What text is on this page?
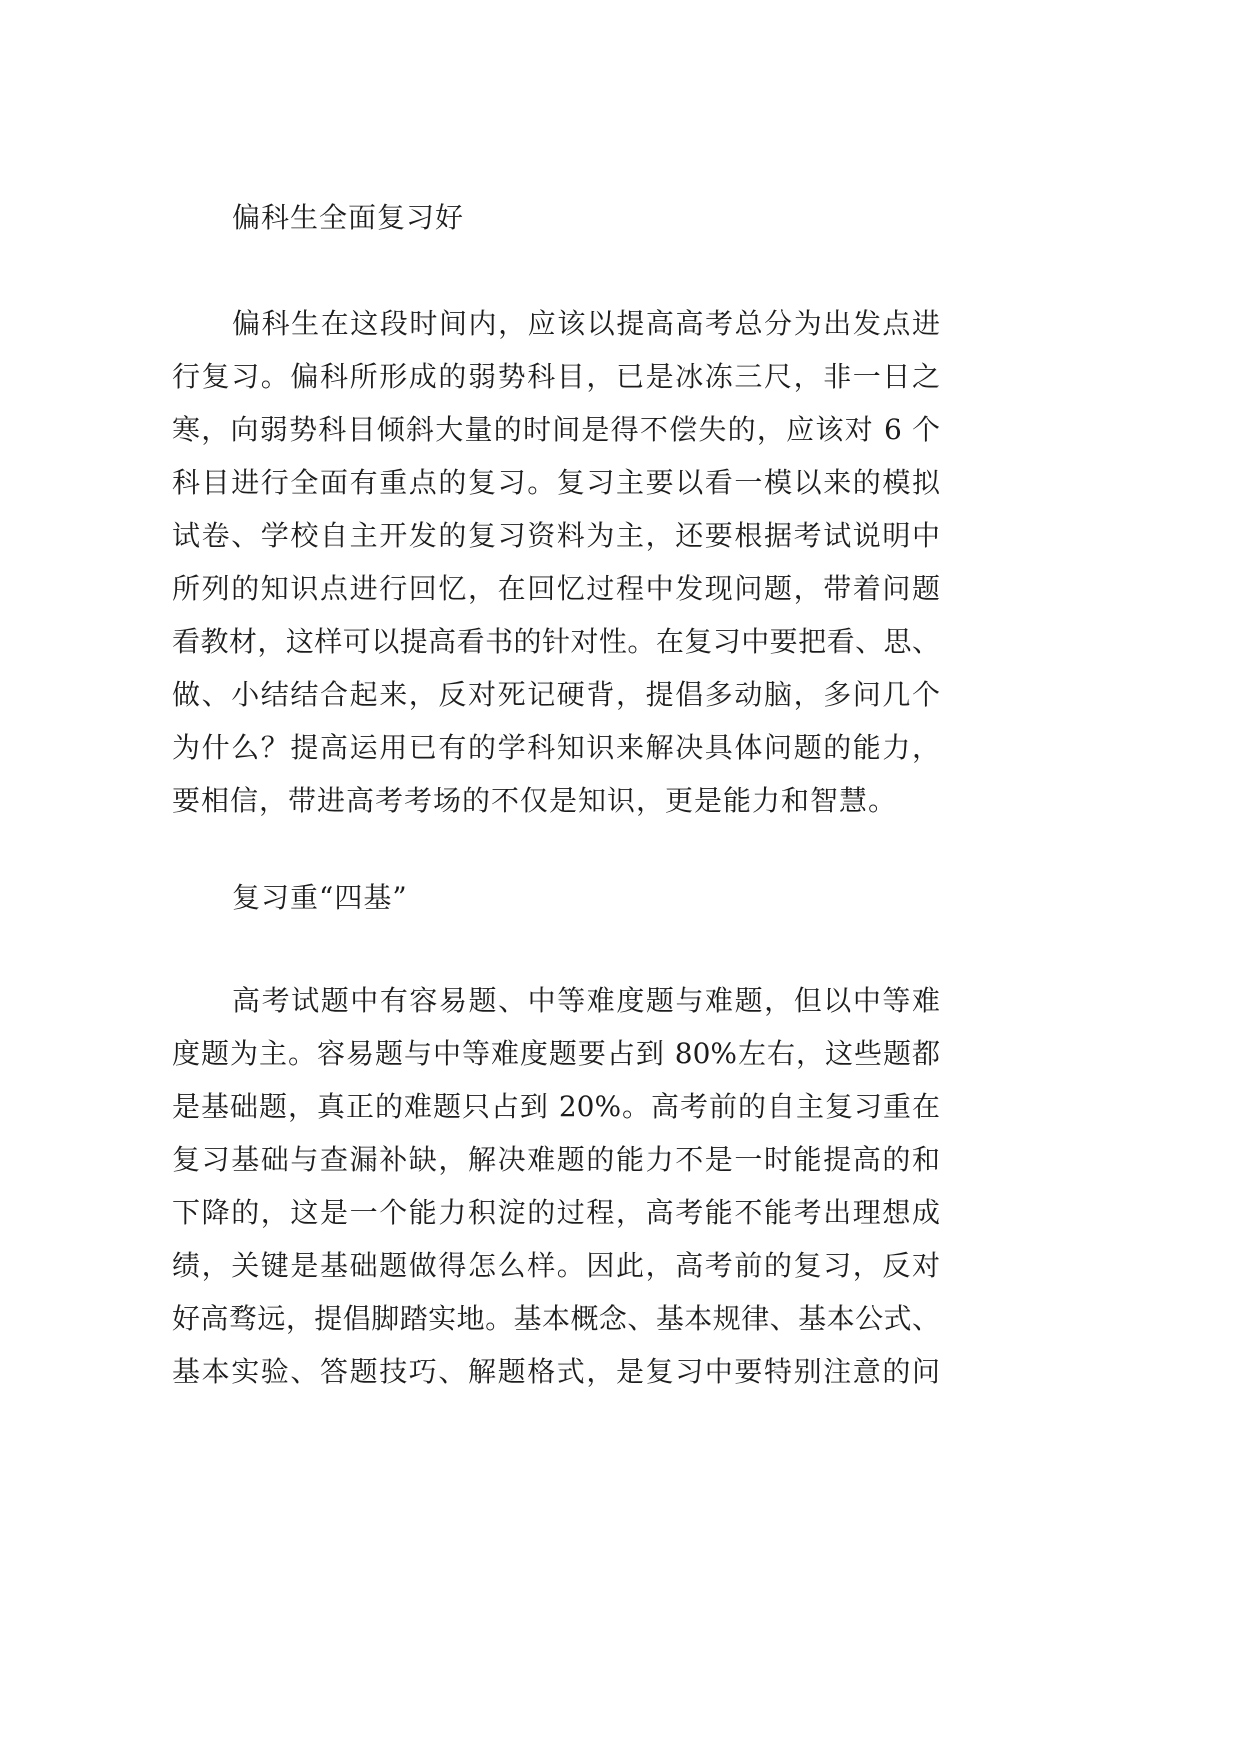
偏科生全面复习好
偏科生在这段时间内，应该以提高高考总分为出发点进
行复习。偏科所形成的弱势科目，已是冰冻三尺，非一日之
寒，向弱势科目倾斜大量的时间是得不偿失的，应该对 6 个
科目进行全面有重点的复习。复习主要以看一模以来的模拟
试卷、学校自主开发的复习资料为主，还要根据考试说明中
所列的知识点进行回忆，在回忆过程中发现问题，带着问题
看教材，这样可以提高看书的针对性。在复习中要把看、思、
做、小结结合起来，反对死记硬背，提倡多动脑，多问几个
为什么？提高运用已有的学科知识来解决具体问题的能力，
要相信，带进高考考场的不仅是知识，更是能力和智慧。
复习重“四基”
高考试题中有容易题、中等难度题与难题，但以中等难
度题为主。容易题与中等难度题要占到 80%左右，这些题都
是基础题，真正的难题只占到 20%。高考前的自主复习重在
复习基础与查漏补缺，解决难题的能力不是一时能提高的和
下降的，这是一个能力积淀的过程，高考能不能考出理想成
绩，关键是基础题做得怎么样。因此，高考前的复习，反对
好高骛远，提倡脚踏实地。基本概念、基本规律、基本公式、
基本实验、答题技巧、解题格式，是复习中要特别注意的问
